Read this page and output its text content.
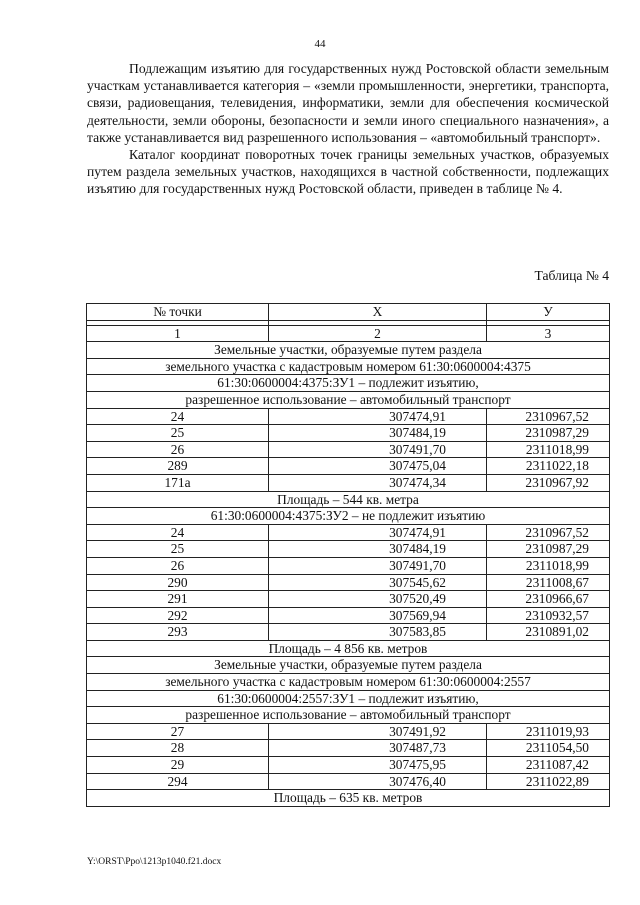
44

Подлежащим изъятию для государственных нужд Ростовской области земельным участкам устанавливается категория – «земли промышленности, энергетики, транспорта, связи, радиовещания, телевидения, информатики, земли для обеспечения космической деятельности, земли обороны, безопасности и земли иного специального назначения», а также устанавливается вид разрешенного использования – «автомобильный транспорт».

Каталог координат поворотных точек границы земельных участков, образуемых путем раздела земельных участков, находящихся в частной собственности, подлежащих изъятию для государственных нужд Ростовской области, приведен в таблице № 4.

Таблица № 4
№ точки	X	У

1	2	3
Земельные участки, образуемые путем раздела		
земельного участка с кадастровым номером 61:30:0600004:4375		
61:30:0600004:4375:ЗУ1 – подлежит изъятию,		
разрешенное использование – автомобильный транспорт		
24	307474,91	2310967,52
25	307484,19	2310987,29
26	307491,70	2311018,99
289	307475,04	2311022,18
171а	307474,34	2310967,92
Площадь – 544 кв. метра		
61:30:0600004:4375:ЗУ2 – не подлежит изъятию		
24	307474,91	2310967,52
25	307484,19	2310987,29
26	307491,70	2311018,99
290	307545,62	2311008,67
291	307520,49	2310966,67
292	307569,94	2310932,57
293	307583,85	2310891,02
Площадь – 4 856 кв. метров		
Земельные участки, образуемые путем раздела		
земельного участка с кадастровым номером 61:30:0600004:2557		
61:30:0600004:2557:ЗУ1 – подлежит изъятию,		
разрешенное использование – автомобильный транспорт		
27	307491,92	2311019,93
28	307487,73	2311054,50
29	307475,95	2311087,42
294	307476,40	2311022,89
Площадь – 635 кв. метров		
Y:\ORST\Ppo\1213p1040.f21.docx
